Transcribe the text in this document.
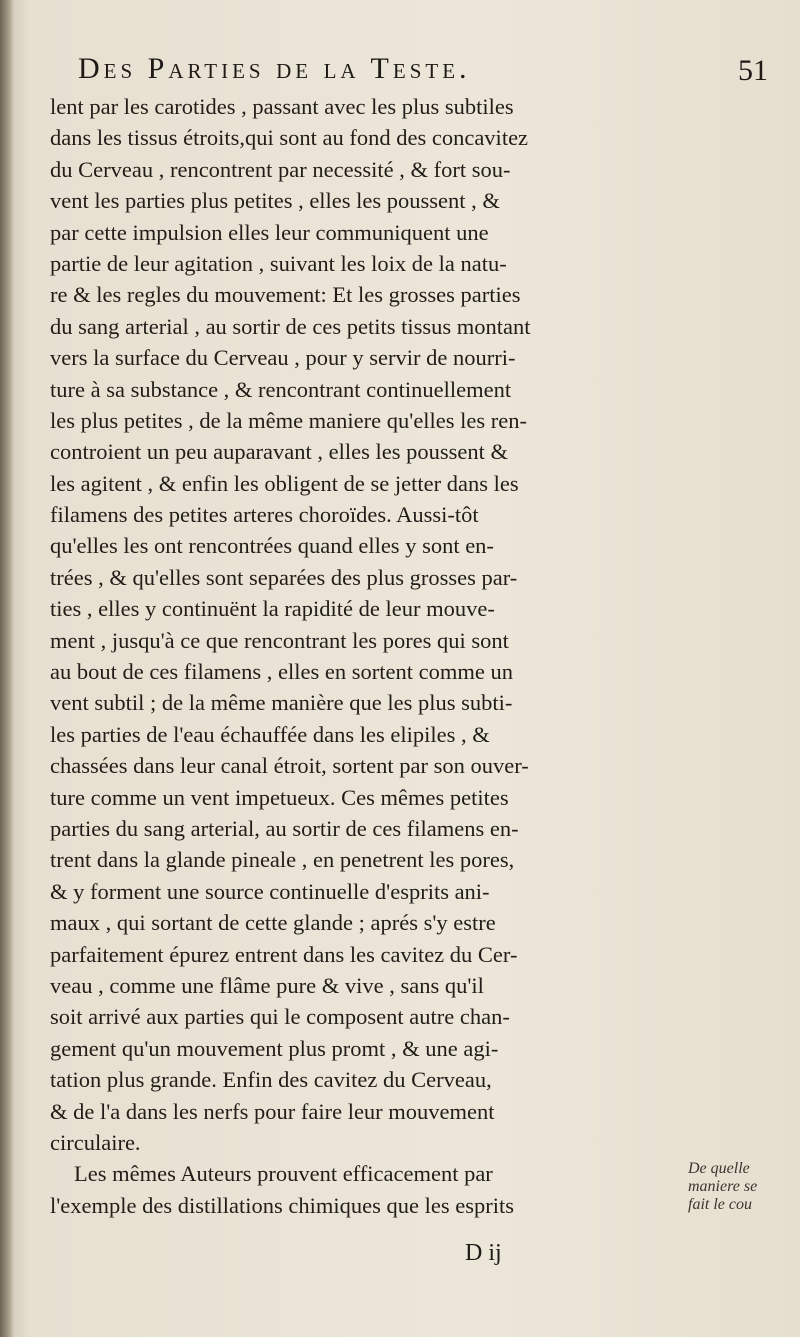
Des Parties de la Teste.	51
lent par les carotides , passant avec les plus subtiles
dans les tissus étroits,qui sont au fond des concavitez
du Cerveau , rencontrent par necessité , & fort sou-
vent les parties plus petites , elles les poussent , &
par cette impulsion elles leur communiquent une
partie de leur agitation , suivant les loix de la natu-
re & les regles du mouvement: Et les grosses parties
du sang arterial , au sortir de ces petits tissus montant
vers la surface du Cerveau , pour y servir de nourri-
ture à sa substance , & rencontrant continuellement
les plus petites , de la même maniere qu'elles les ren-
controient un peu auparavant , elles les poussent &
les agitent , & enfin les obligent de se jetter dans les
filamens des petites arteres choroïdes. Aussi-tôt
qu'elles les ont rencontrées quand elles y sont en-
trées , & qu'elles sont separées des plus grosses par-
ties , elles y continuënt la rapidité de leur mouve-
ment , jusqu'à ce que rencontrant les pores qui sont
au bout de ces filamens , elles en sortent comme un
vent subtil ; de la même manière que les plus subti-
les parties de l'eau échauffée dans les elipiles , &
chassées dans leur canal étroit, sortent par son ouver-
ture comme un vent impetueux. Ces mêmes petites
parties du sang arterial, au sortir de ces filamens en-
trent dans la glande pineale , en penetrent les pores,
& y forment une source continuelle d'esprits ani-
maux , qui sortant de cette glande ; aprés s'y estre
parfaitement épurez entrent dans les cavitez du Cer-
veau , comme une flâme pure & vive , sans qu'il
soit arrivé aux parties qui le composent autre chan-
gement qu'un mouvement plus promt , & une agi-
tation plus grande. Enfin des cavitez du Cerveau,
& de l'a dans les nerfs pour faire leur mouvement
circulaire.
Les mêmes Auteurs prouvent efficacement par
l'exemple des distillations chimiques que les esprits
De quelle
maniere se
fait le cou
D ij
